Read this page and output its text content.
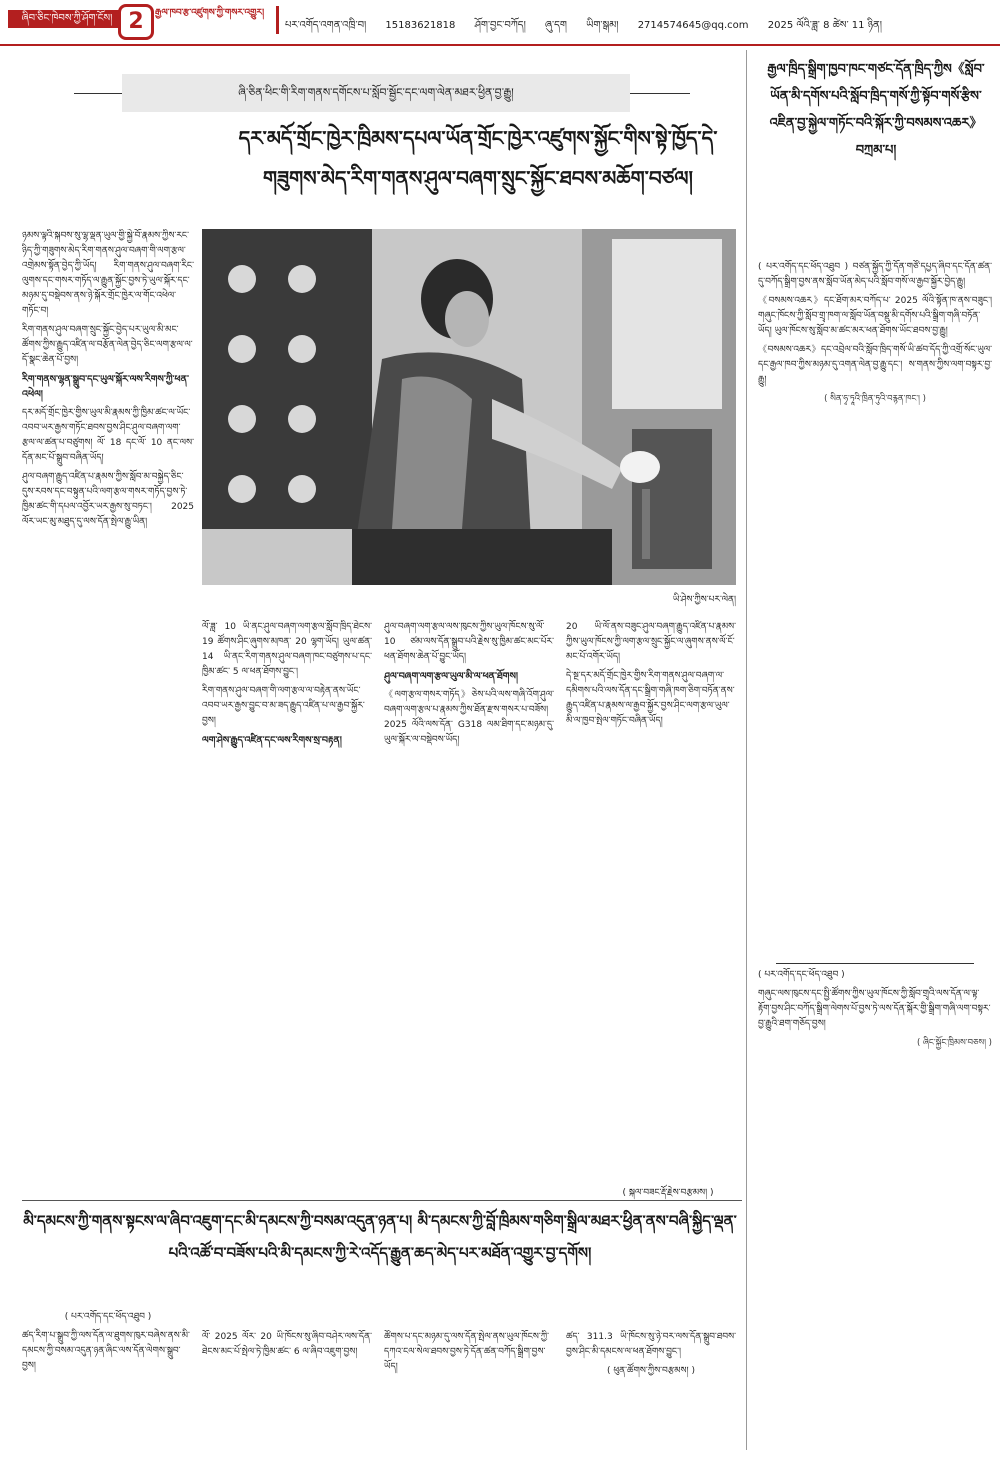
ཞིབ་ཅིང་ཁེབས་ཀྱི་ཤོག་ངོས། 2	རྒྱལ་ཁབ་རྩ་འཛུགས་ཀྱི་གསར་འགྱུར།
པར་འགོད་འགན་འཁྲི་བ། 15183621818 ཤོག་བྱང་བཀོད། ཞུ་དག ཡིག་སྒམ། 2714574645@qq.com 2025 ལོའི་ཟླ་ 8 ཚེས་ 11 ཉིན།
ཞི་ཅིན་ཕིང་གི་རིག་གནས་དགོངས་པ་སློབ་སྦྱོང་དང་ལག་ལེན་མཐར་ཕྱིན་བྱ་རྒྱུ།
དར་མདོ་གྲོང་ཁྱེར་ཁྲིམས་དཔལ་ཡོན་གྲོང་ཁྱེར་འཛུགས་སྐྱོང་གིས་སྟེ་ཁྱོད་དེ་
གཟུགས་མེད་རིག་གནས་ཤུལ་བཞག་སྲུང་སྐྱོང་ཐབས་མཆོག་བཙལ།
ཡི་ཤེས་ཀྱིས་པར་ལེན།

ཉམས་ལྟའི་སྐབས་སུ་ལྷ་ལྡན་ཡུལ་གྱི་སྐྱེ་བོ་རྣམས་ཀྱིས་རང་ཉིད་ཀྱི་གཟུགས་མེད་རིག་གནས་ཤུལ་བཞག་གི་ལག་རྩལ་འགྲེམས་སྟོན་བྱེད་ཀྱི་ཡོད། རིག་གནས་ཤུལ་བཞག་རིང་ལུགས་དང་གསར་གཏོད་ལ་རྒྱུན་སྐྱོང་བྱས་ཏེ་ཡུལ་སྐོར་དང་མཉམ་དུ་བསྡེབས་ནས་ཉེ་སྐོར་གྲོང་ཁྱེར་ལ་གོང་འཕེལ་གཏོང་བ།

རིག་གནས་ཤུལ་བཞག་སྲུང་སྐྱོང་བྱེད་པར་ཡུལ་མི་མང་ཚོགས་ཀྱིས་རྒྱུད་འཛིན་ལ་བརྩོན་ལེན་བྱེད་ཅིང་ལག་རྩལ་ལ་དོ་སྣང་ཆེན་པོ་བྱས།

རིག་གནས་ལྷན་སྒྲུབ་དང་ཡུལ་སྐོར་ལས་རིགས་ཀྱི་ཕན་འཕེལ།

དར་མདོ་གྲོང་ཁྱེར་གྱིས་ཡུལ་མི་རྣམས་ཀྱི་ཁྱིམ་ཚང་ལ་ཡོང་འབབ་ཡར་རྒྱས་གཏོང་ཐབས་བྱས་ཤིང་ཤུལ་བཞག་ལག་རྩལ་ལ་ཚན་པ་བཙུགས། ལོ་ 18 དང་ལོ་ 10 ནང་ལས་དོན་མང་པོ་སྒྲུབ་བཞིན་ཡོད།

ཤུལ་བཞག་རྒྱུད་འཛིན་པ་རྣམས་ཀྱིས་སློབ་མ་བསྐྱེད་ཅིང་དུས་རབས་དང་བསྟུན་པའི་ལག་རྩལ་གསར་གཏོད་བྱས་ཏེ་ཁྱིམ་ཚང་གི་དཔལ་འབྱོར་ཡར་རྒྱས་སུ་བཏང་། 2025 ལོར་ཡང་མུ་མཐུད་དུ་ལས་དོན་སྤེལ་རྒྱུ་ཡིན།

ལོ་ཟླ་ 10 ཡི་ནང་ཤུལ་བཞག་ལག་རྩལ་སློབ་ཁྲིད་ཐེངས་ 19 ཚོགས་ཤིང་ཞུགས་མཁན་ 20 ལྷག་ཡོད། ཡུལ་ཚན་ 14 ཡི་ནང་རིག་གནས་ཤུལ་བཞག་ཁང་བཙུགས་པ་དང་ཁྱིམ་ཚང་ 5 ལ་ཕན་ཐོགས་བྱུང་།

རིག་གནས་ཤུལ་བཞག་གི་ལག་རྩལ་ལ་བརྟེན་ནས་ཡོང་འབབ་ཡར་རྒྱས་བྱུང་བ་མ་ཟད་རྒྱུད་འཛིན་པ་ལ་རྒྱབ་སྐྱོར་བྱས།

ལག་ཤེས་རྒྱུད་འཛིན་དང་ལས་རིགས་སྲ་བརྟན།

ཤུལ་བཞག་ལག་རྩལ་ལས་ཁུངས་ཀྱིས་ཡུལ་ཁོངས་སུ་ལོ་ 10 ཙམ་ལས་དོན་སྒྲུབ་པའི་རྗེས་སུ་ཁྱིམ་ཚང་མང་པོར་ཕན་ཐོགས་ཆེན་པོ་བྱུང་ཡོད།

ཤུལ་བཞག་ལག་རྩལ་ཡུལ་མི་ལ་ཕན་ཐོགས།

《ལག་རྩལ་གསར་གཏོད》ཅེས་པའི་ལས་གཞི་འོག་ཤུལ་བཞག་ལག་རྩལ་པ་རྣམས་ཀྱིས་ཐོན་རྫས་གསར་པ་བཟོས། 2025 ལོའི་ལས་དོན་ G318 ལམ་ཐིག་དང་མཉམ་དུ་ཡུལ་སྐོར་ལ་བསྡེབས་ཡོད།

20 ཡི་ལོ་ནས་བཟུང་ཤུལ་བཞག་རྒྱུད་འཛིན་པ་རྣམས་ཀྱིས་ཡུལ་ཁོངས་ཀྱི་ལག་རྩལ་སྲུང་སྐྱོང་ལ་ཞུགས་ནས་ལོ་ངོ་མང་པོ་འགོར་ཡོད།

དེ་སྔ་དར་མདོ་གྲོང་ཁྱེར་གྱིས་རིག་གནས་ཤུལ་བཞག་ལ་དམིགས་པའི་ལས་དོན་དང་སྒྲིག་གཞི་ཁག་ཅིག་བཏོན་ནས་རྒྱུད་འཛིན་པ་རྣམས་ལ་རྒྱབ་སྐྱོར་བྱས་ཤིང་ལག་རྩལ་ཡུལ་མི་ལ་ཁྱབ་སྤེལ་གཏོང་བཞིན་ཡོད།

( སྐལ་བཟང་རྡོ་རྗེས་བརྩམས། )
རྒྱལ་ཁྲིད་སྒྲིག་ཁྱབ་ཁང་གཙང་དོན་ཁྲིད་ཀྱིས《སློབ་ཡོན་མི་དགོས་པའི་སློབ་ཁྲིད་གསོ་ཀྱི་སྟོབ་གསོ་རྩིས་འཇིན་བྱ་སྐྱེལ་གཏོང་བའི་སྐོར་ཀྱི་བསམས་འཆར》བཀྲམ་པ།

( པར་འགོད་དང་ཕོད་འཐུབ ) བཙན་སྐྱོད་ཀྱི་དོན་གཙོ་དཔྱད་ཞིབ་དང་དོན་ཚན་དུ་བཀོད་སྒྲིག་བྱས་ནས་སློབ་ཡོན་མེད་པའི་སློབ་གསོ་ལ་རྒྱབ་སྐྱོར་བྱེད་རྒྱུ།

《བསམས་འཆར》དང་ཐོག་མར་བཀོད་པ་ 2025 ལོའི་སྟོན་ཁ་ནས་བཟུང་། གཞུང་ཁོངས་ཀྱི་སློབ་གྲྭ་ཁག་ལ་སློབ་ཡོན་བསྡུ་མི་དགོས་པའི་སྒྲིག་གཞི་བཏོན་ཡོད། ཡུལ་ཁོངས་སུ་སློབ་མ་ཚང་མར་ཕན་ཐོགས་ཡོང་ཐབས་བྱ་རྒྱུ།

《བསམས་འཆར》དང་འབྲེལ་བའི་སློབ་ཁྲིད་གསོ་ཡི་ཚབ་དོད་ཀྱི་འགྲོ་སོང་ཡུལ་དང་རྒྱལ་ཁབ་ཀྱིས་མཉམ་དུ་འགན་ལེན་བྱ་རྒྱུ་དང་། ས་གནས་ཀྱིས་ལག་བསྟར་བྱ་རྒྱུ།

( སིན་ཧྭ་ཏཱའི་ཁྲིན་ཏུའི་བརྙན་ཁང་། )

( པར་འགོད་དང་ཕོད་འཐུབ )

གཞུང་ལས་ཁུངས་དང་སྤྱི་ཚོགས་ཀྱིས་ཡུལ་ཁོངས་ཀྱི་སློབ་གྲྭའི་ལས་དོན་ལ་ལྟ་རྟོག་བྱས་ཤིང་བཀོད་སྒྲིག་ལེགས་པོ་བྱས་ཏེ་ལས་དོན་སྐོར་གྱི་སྒྲིག་གཞི་ལག་བསྟར་བྱ་རྒྱུའི་ཐག་གཅོད་བྱས།

( ཞིང་སྐྱོང་ཁྲིམས་བཅས། )

མི་དམངས་ཀྱི་གནས་སྟངས་ལ་ཞིབ་འཇུག་དང་མི་དམངས་ཀྱི་བསམ་འདུན་ཉན་པ། མི་དམངས་ཀྱི་བློ་ཁྲིམས་གཅིག་སྒྲིལ་མཐར་ཕྱིན་ནས་བཞི་སྐྱིད་ལྡན་པའི་འཚོ་བ་བཟོས་པའི་མི་དམངས་ཀྱི་རེ་འདོད་རྒྱུན་ཆད་མེད་པར་མཐོན་འགྱུར་བྱ་དགོས།

( པར་འགོད་དང་ཕོད་འཐུབ )

ཚད་རིག་པ་སྒྲུབ་ཀྱི་ལས་དོན་ལ་ཐུགས་ཁུར་བཞེས་ནས་མི་དམངས་ཀྱི་བསམ་འདུན་ཉན་ཞིང་ལས་དོན་ལེགས་སྒྲུབ་བྱས།

ལོ་ 2025 ལོར་ 20 ཡི་ཁོངས་སུ་ཞིབ་བཤེར་ལས་དོན་ཐེངས་མང་པོ་སྤེལ་ཏེ་ཁྱིམ་ཚང་ 6 ལ་ཞིབ་འཇུག་བྱས།

ཚོགས་པ་དང་མཉམ་དུ་ལས་དོན་སྤེལ་ནས་ཡུལ་ཁོངས་ཀྱི་དཀའ་ངལ་སེལ་ཐབས་བྱས་ཏེ་དོན་ཚན་བཀོད་སྒྲིག་བྱས་ཡོད།

ཚད་ 311.3 ཡི་ཁོངས་སུ་ཉེ་བར་ལས་དོན་སྒྲུབ་ཐབས་བྱས་ཤིང་མི་དམངས་ལ་ཕན་ཐོགས་བྱུང་།

( ཕུན་ཚོགས་ཀྱིས་བརྩམས། )
